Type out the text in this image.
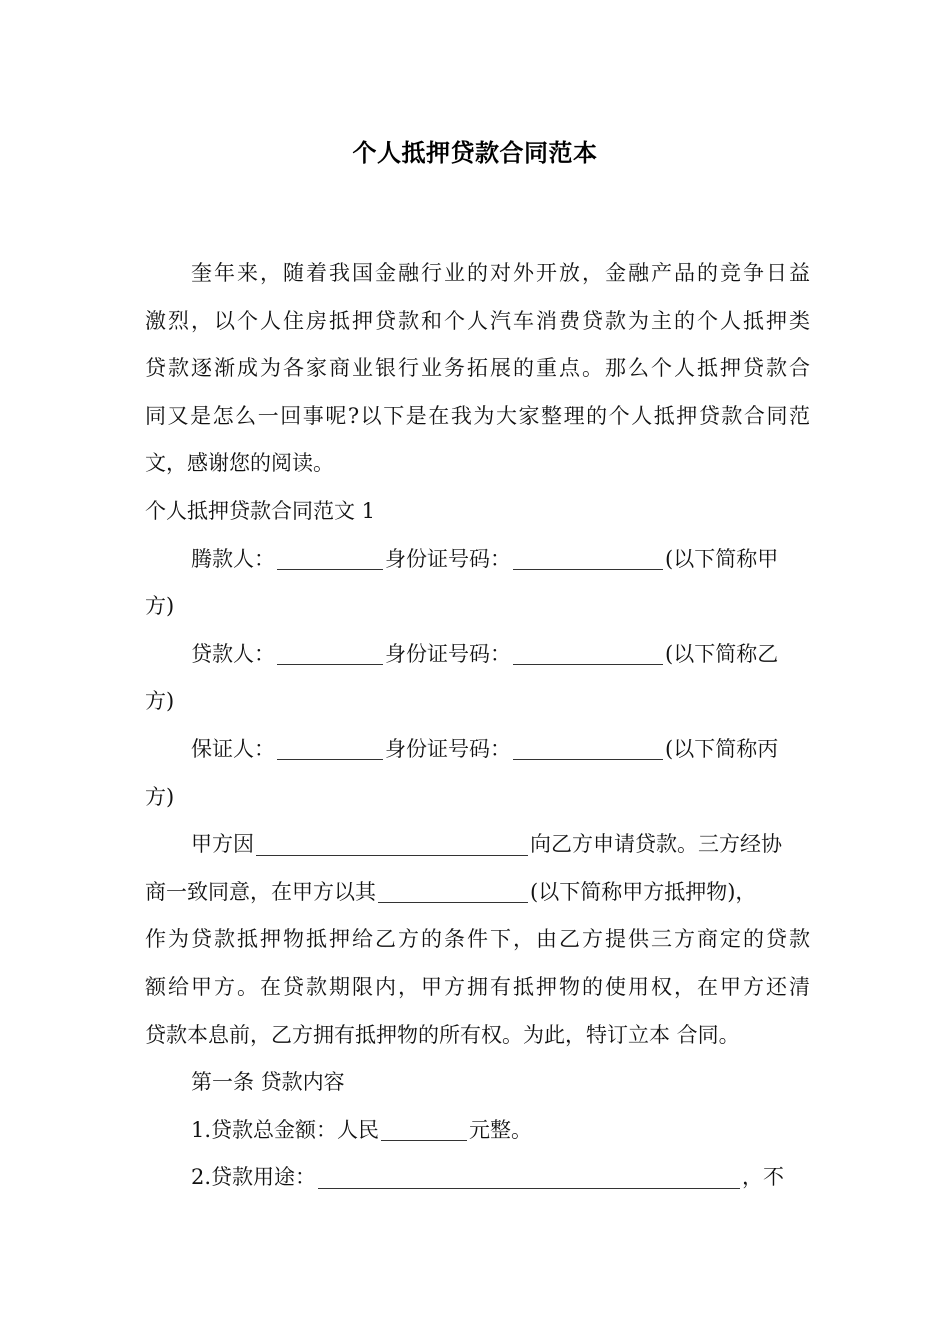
个人抵押贷款合同范本
奎年来，随着我国金融行业的对外开放，金融产品的竞争日益
激烈，以个人住房抵押贷款和个人汽车消费贷款为主的个人抵押类
贷款逐渐成为各家商业银行业务拓展的重点。那么个人抵押贷款合
同又是怎么一回事呢?以下是在我为大家整理的个人抵押贷款合同范
文，感谢您的阅读。
个人抵押贷款合同范文 1
腾款人：	身份证号码：	(以下简称甲
方)
贷款人：	身份证号码：	(以下简称乙
方)
保证人：	身份证号码：	(以下简称丙
方)
甲方因	向乙方申请贷款。三方经协
商一致同意，在甲方以其	(以下简称甲方抵押物)，
作为贷款抵押物抵押给乙方的条件下，由乙方提供三方商定的贷款
额给甲方。在贷款期限内，甲方拥有抵押物的使用权，在甲方还清
贷款本息前，乙方拥有抵押物的所有权。为此，特订立本 合同。
第一条 贷款内容
1.贷款总金额：人民	元整。
2.贷款用途：	，不
